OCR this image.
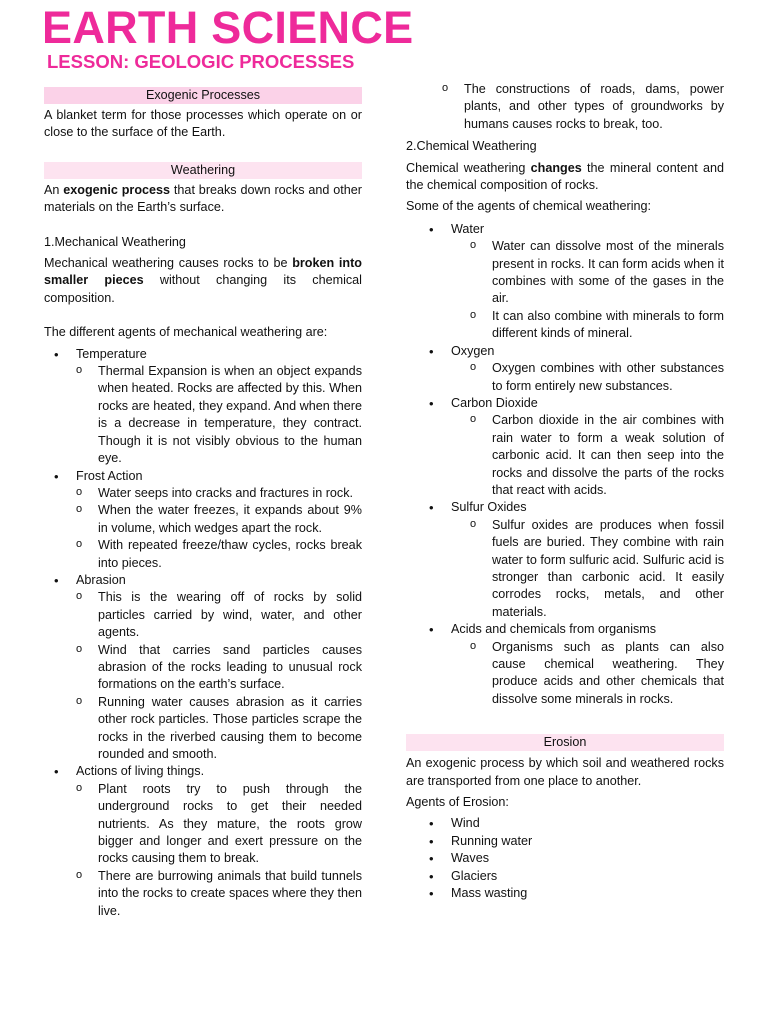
EARTH SCIENCE
LESSON: GEOLOGIC PROCESSES
Exogenic Processes

A blanket term for those processes which operate on or close to the surface of the Earth.

Weathering

An exogenic process that breaks down rocks and other materials on the Earth’s surface.

1.Mechanical Weathering

Mechanical weathering causes rocks to be broken into smaller pieces without changing its chemical composition.

The different agents of mechanical weathering are:

• Temperature
o Thermal Expansion is when an object expands when heated. Rocks are affected by this. When rocks are heated, they expand. And when there is a decrease in temperature, they contract. Though it is not visibly obvious to the human eye.
• Frost Action
o Water seeps into cracks and fractures in rock.
o When the water freezes, it expands about 9% in volume, which wedges apart the rock.
o With repeated freeze/thaw cycles, rocks break into pieces.
• Abrasion
o This is the wearing off of rocks by solid particles carried by wind, water, and other agents.
o Wind that carries sand particles causes abrasion of the rocks leading to unusual rock formations on the earth’s surface.
o Running water causes abrasion as it carries other rock particles. Those particles scrape the rocks in the riverbed causing them to become rounded and smooth.
• Actions of living things.
o Plant roots try to push through the underground rocks to get their needed nutrients. As they mature, the roots grow bigger and longer and exert pressure on the rocks causing them to break.
o There are burrowing animals that build tunnels into the rocks to create spaces where they then live.
o The constructions of roads, dams, power plants, and other types of groundworks by humans causes rocks to break, too.

2.Chemical Weathering

Chemical weathering changes the mineral content and the chemical composition of rocks.

Some of the agents of chemical weathering:

• Water
o Water can dissolve most of the minerals present in rocks. It can form acids when it combines with some of the gases in the air.
o It can also combine with minerals to form different kinds of mineral.
• Oxygen
o Oxygen combines with other substances to form entirely new substances.
• Carbon Dioxide
o Carbon dioxide in the air combines with rain water to form a weak solution of carbonic acid. It can then seep into the rocks and dissolve the parts of the rocks that react with acids.
• Sulfur Oxides
o Sulfur oxides are produces when fossil fuels are buried. They combine with rain water to form sulfuric acid. Sulfuric acid is stronger than carbonic acid. It easily corrodes rocks, metals, and other materials.
• Acids and chemicals from organisms
o Organisms such as plants can also cause chemical weathering. They produce acids and other chemicals that dissolve some minerals in rocks.
Erosion

An exogenic process by which soil and weathered rocks are transported from one place to another.

Agents of Erosion:

• Wind
• Running water
• Waves
• Glaciers
• Mass wasting
